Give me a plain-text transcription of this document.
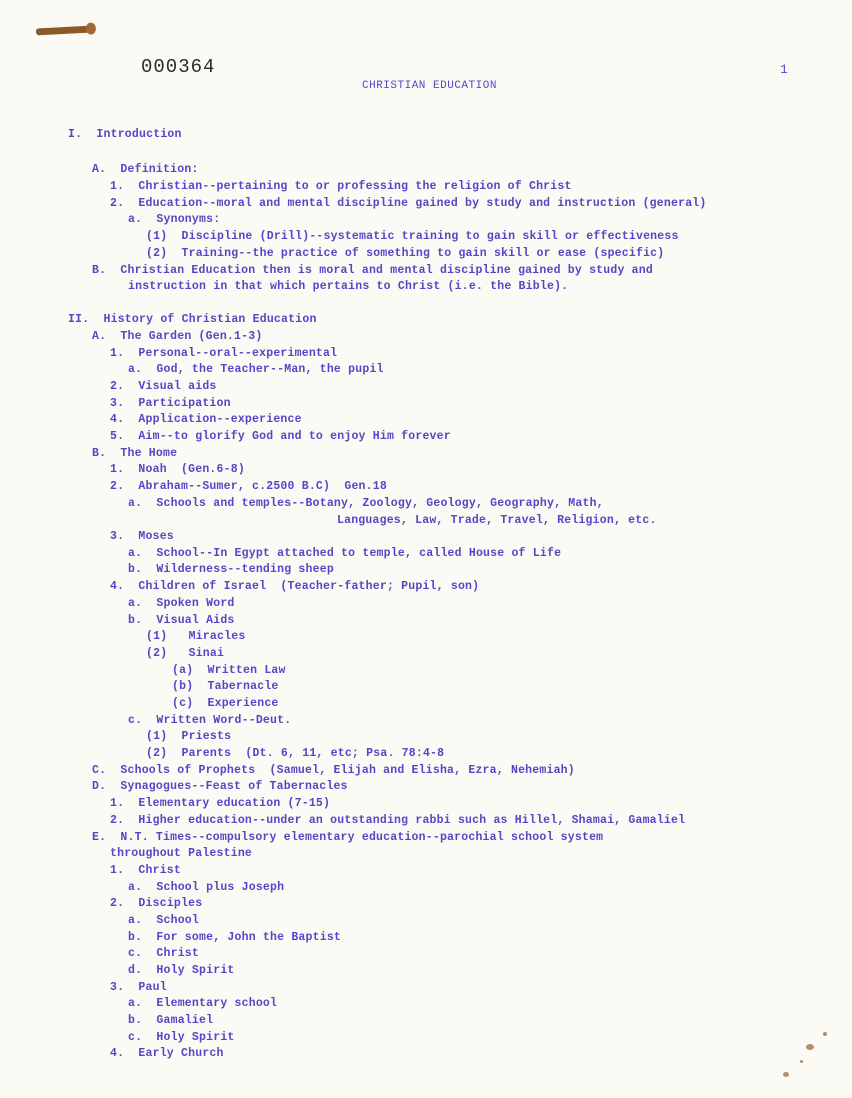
000364	1
CHRISTIAN EDUCATION
I.  Introduction
A.  Definition:
1.  Christian--pertaining to or professing the religion of Christ
2.  Education--moral and mental discipline gained by study and instruction (general)
a.  Synonyms:
(1)  Discipline (Drill)--systematic training to gain skill or effectiveness
(2)  Training--the practice of something to gain skill or ease (specific)
B.  Christian Education then is moral and mental discipline gained by study and
instruction in that which pertains to Christ (i.e. the Bible).
II.  History of Christian Education
A.  The Garden (Gen.1-3)
1.  Personal--oral--experimental
a.  God, the Teacher--Man, the pupil
2.  Visual aids
3.  Participation
4.  Application--experience
5.  Aim--to glorify God and to enjoy Him forever
B.  The Home
1.  Noah  (Gen.6-8)
2.  Abraham--Sumer, c.2500 B.C)  Gen.18
a.  Schools and temples--Botany, Zoology, Geology, Geography, Math,
Languages, Law, Trade, Travel, Religion, etc.
3.  Moses
a.  School--In Egypt attached to temple, called House of Life
b.  Wilderness--tending sheep
4.  Children of Israel  (Teacher-father; Pupil, son)
a.  Spoken Word
b.  Visual Aids
(1)   Miracles
(2)   Sinai
(a)  Written Law
(b)  Tabernacle
(c)  Experience
c.  Written Word--Deut.
(1)  Priests
(2)  Parents  (Dt. 6, 11, etc; Psa. 78:4-8
C.  Schools of Prophets  (Samuel, Elijah and Elisha, Ezra, Nehemiah)
D.  Synagogues--Feast of Tabernacles
1.  Elementary education (7-15)
2.  Higher education--under an outstanding rabbi such as Hillel, Shamai, Gamaliel
E.  N.T. Times--compulsory elementary education--parochial school system
throughout Palestine
1.  Christ
a.  School plus Joseph
2.  Disciples
a.  School
b.  For some, John the Baptist
c.  Christ
d.  Holy Spirit
3.  Paul
a.  Elementary school
b.  Gamaliel
c.  Holy Spirit
4.  Early Church
